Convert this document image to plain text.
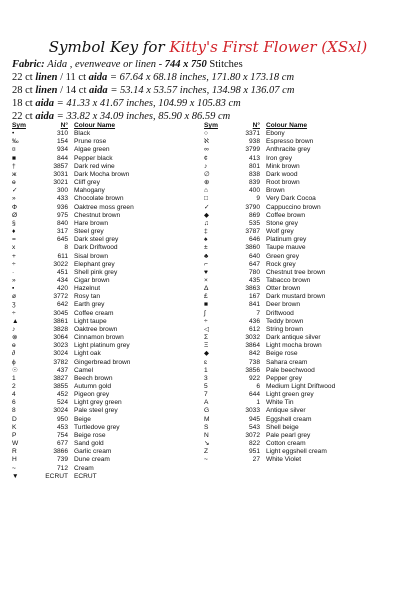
Symbol Key for Kitty's First Flower (XSxl)
Fabric: Aida , evenweave or linen - 744 x 750 Stitches
22 ct linen / 11 ct aida = 67.64 x 68.18 inches, 171.80 x 173.18 cm
28 ct linen / 14 ct aida = 53.14 x 53.57 inches, 134.98 x 136.07 cm
18 ct aida = 41.33 x 41.67 inches, 104.99 x 105.83 cm
22 ct aida = 33.82 x 34.09 inches, 85.90 x 86.59 cm
Sym	N° Colour Name
•	310 Black
‰	154 Prune rose
¤	934 Algae green
■	844 Pepper black
†	3857 Dark red wine
ж	3031 Dark Mocha brown
ɵ	3021 Cliff grey
✓	300 Mahogany
»	433 Chocolate brown
Ф	936 Oaktree moss green
Ø	975 Chestnut brown
§	840 Hare brown
♦	317 Steel grey
=	645 Dark steel grey
x	8 Dark Driftwood
+	611 Sisal brown
÷	3022 Elephant grey
·	451 Shell pink grey
»	434 Cigar brown
▪	420 Hazelnut
ø	3772 Rosy tan
ʒ	642 Earth grey
÷	3045 Coffee cream
▲	3861 Light taupe
♪	3828 Oaktree brown
⊗	3064 Cinnamon brown
ɵ	3023 Light platinum grey
∂	3024 Light oak
ϕ	3782 Gingerbread brown
☉	437 Camel
1	3827 Beech brown
2	3855 Autumn gold
4	452 Pigeon grey
6	524 Light grey green
8	3024 Pale steel grey
D	950 Beige
K	453 Turtledove grey
P	754 Beige rose
W	677 Sand gold
R	3866 Garlic cream
H	739 Dune cream
~	712 Cream
▼	ECRUT ECRUT
Sym	N° Colour Name
○	3371 Ebony
ℵ	938 Espresso brown
∞	3799 Anthracite grey
¢	413 Iron grey
♪	801 Mink brown
∅	838 Dark wood
⊕	839 Root brown
⌂	400 Brown
□	9 Very Dark Cocoa
✓	3790 Cappuccino brown
◆	869 Coffee brown
♫	535 Stone grey
‡	3787 Wolf grey
♠	646 Platinum grey
±	3860 Taupe mauve
♣	640 Green grey
⌐	647 Rock grey
♥	780 Chestnut tree brown
×	435 Tabacco brown
Δ	3863 Otter brown
£	167 Dark mustard brown
■	841 Deer brown
∫	7 Driftwood
÷	436 Teddy brown
◁	612 String brown
Σ	3032 Dark antique silver
Ξ	3864 Light mocha brown
◆	842 Beige rose
ɛ	738 Sahara cream
1	3856 Pale beechwood
3	922 Pepper grey
5	6 Medium Light Driftwood
7	644 Light green grey
A	1 White Tin
G	3033 Antique silver
M	945 Eggshell cream
S	543 Shell beige
N	3072 Pale pearl grey
↘	822 Cotton cream
Z	951 Light eggshell cream
~	27 White Violet
